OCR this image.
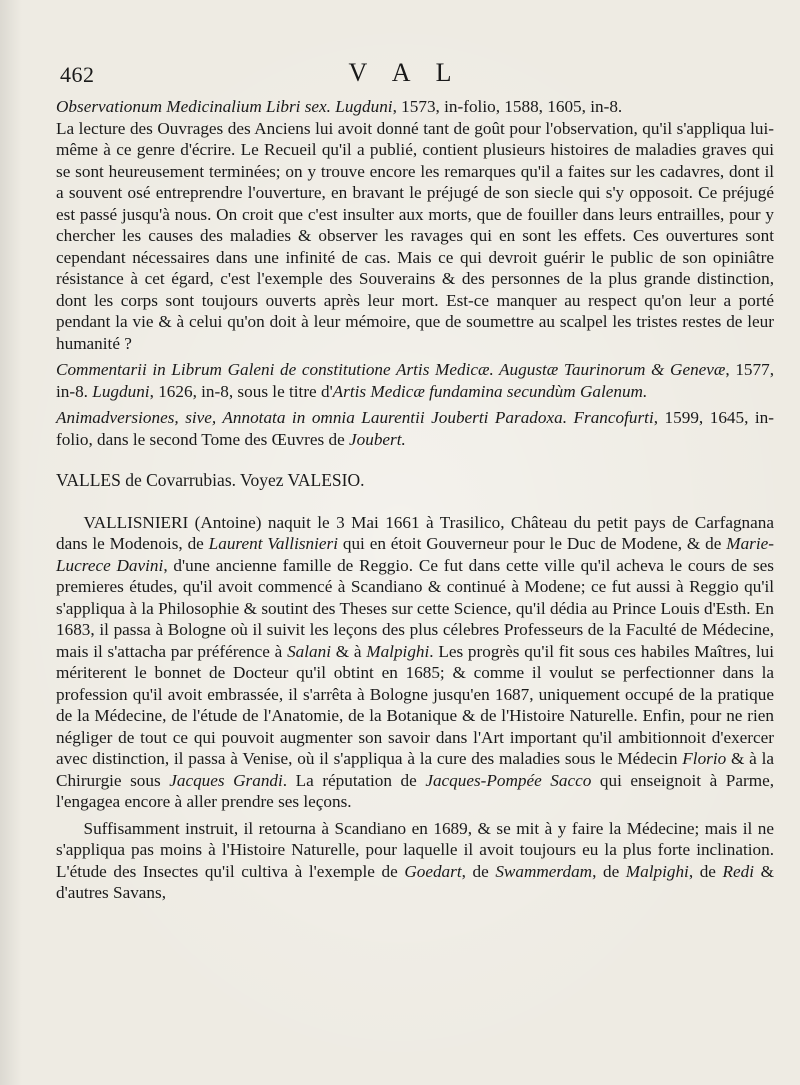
462	V A L

Observationum Medicinalium Libri sex. Lugduni, 1573, in-folio, 1588, 1605, in-8.

La lecture des Ouvrages des Anciens lui avoit donné tant de goût pour l'observation, qu'il s'appliqua lui-même à ce genre d'écrire. Le Recueil qu'il a publié, contient plusieurs histoires de maladies graves qui se sont heureusement terminées; on y trouve encore les remarques qu'il a faites sur les cadavres, dont il a souvent osé entreprendre l'ouverture, en bravant le préjugé de son siecle qui s'y opposoit. Ce préjugé est passé jusqu'à nous. On croit que c'est insulter aux morts, que de fouiller dans leurs entrailles, pour y chercher les causes des maladies & observer les ravages qui en sont les effets. Ces ouvertures sont cependant nécessaires dans une infinité de cas. Mais ce qui devroit guérir le public de son opiniâtre résistance à cet égard, c'est l'exemple des Souverains & des personnes de la plus grande distinction, dont les corps sont toujours ouverts après leur mort. Est-ce manquer au respect qu'on leur a porté pendant la vie & à celui qu'on doit à leur mémoire, que de soumettre au scalpel les tristes restes de leur humanité ?

Commentarii in Librum Galeni de constitutione Artis Medicæ. Augustæ Taurinorum & Genevæ, 1577, in-8. Lugduni, 1626, in-8, sous le titre d'Artis Medicæ fundamina secundùm Galenum.

Animadversiones, sive, Annotata in omnia Laurentii Jouberti Paradoxa. Francofurti, 1599, 1645, in-folio, dans le second Tome des Œuvres de Joubert.

VALLES de Covarrubias. Voyez VALESIO.

VALLISNIERI (Antoine) naquit le 3 Mai 1661 à Trasilico, Château du petit pays de Carfagnana dans le Modenois, de Laurent Vallisnieri qui en étoit Gouverneur pour le Duc de Modene, & de Marie-Lucrece Davini, d'une ancienne famille de Reggio. Ce fut dans cette ville qu'il acheva le cours de ses premieres études, qu'il avoit commencé à Scandiano & continué à Modene; ce fut aussi à Reggio qu'il s'appliqua à la Philosophie & soutint des Theses sur cette Science, qu'il dédia au Prince Louis d'Esth. En 1683, il passa à Bologne où il suivit les leçons des plus célebres Professeurs de la Faculté de Médecine, mais il s'attacha par préférence à Salani & à Malpighi. Les progrès qu'il fit sous ces habiles Maîtres, lui mériterent le bonnet de Docteur qu'il obtint en 1685; & comme il voulut se perfectionner dans la profession qu'il avoit embrassée, il s'arrêta à Bologne jusqu'en 1687, uniquement occupé de la pratique de la Médecine, de l'étude de l'Anatomie, de la Botanique & de l'Histoire Naturelle. Enfin, pour ne rien négliger de tout ce qui pouvoit augmenter son savoir dans l'Art important qu'il ambitionnoit d'exercer avec distinction, il passa à Venise, où il s'appliqua à la cure des maladies sous le Médecin Florio & à la Chirurgie sous Jacques Grandi. La réputation de Jacques-Pompée Sacco qui enseignoit à Parme, l'engagea encore à aller prendre ses leçons.

Suffisamment instruit, il retourna à Scandiano en 1689, & se mit à y faire la Médecine; mais il ne s'appliqua pas moins à l'Histoire Naturelle, pour laquelle il avoit toujours eu la plus forte inclination. L'étude des Insectes qu'il cultiva à l'exemple de Goedart, de Swammerdam, de Malpighi, de Redi & d'autres Savans,
